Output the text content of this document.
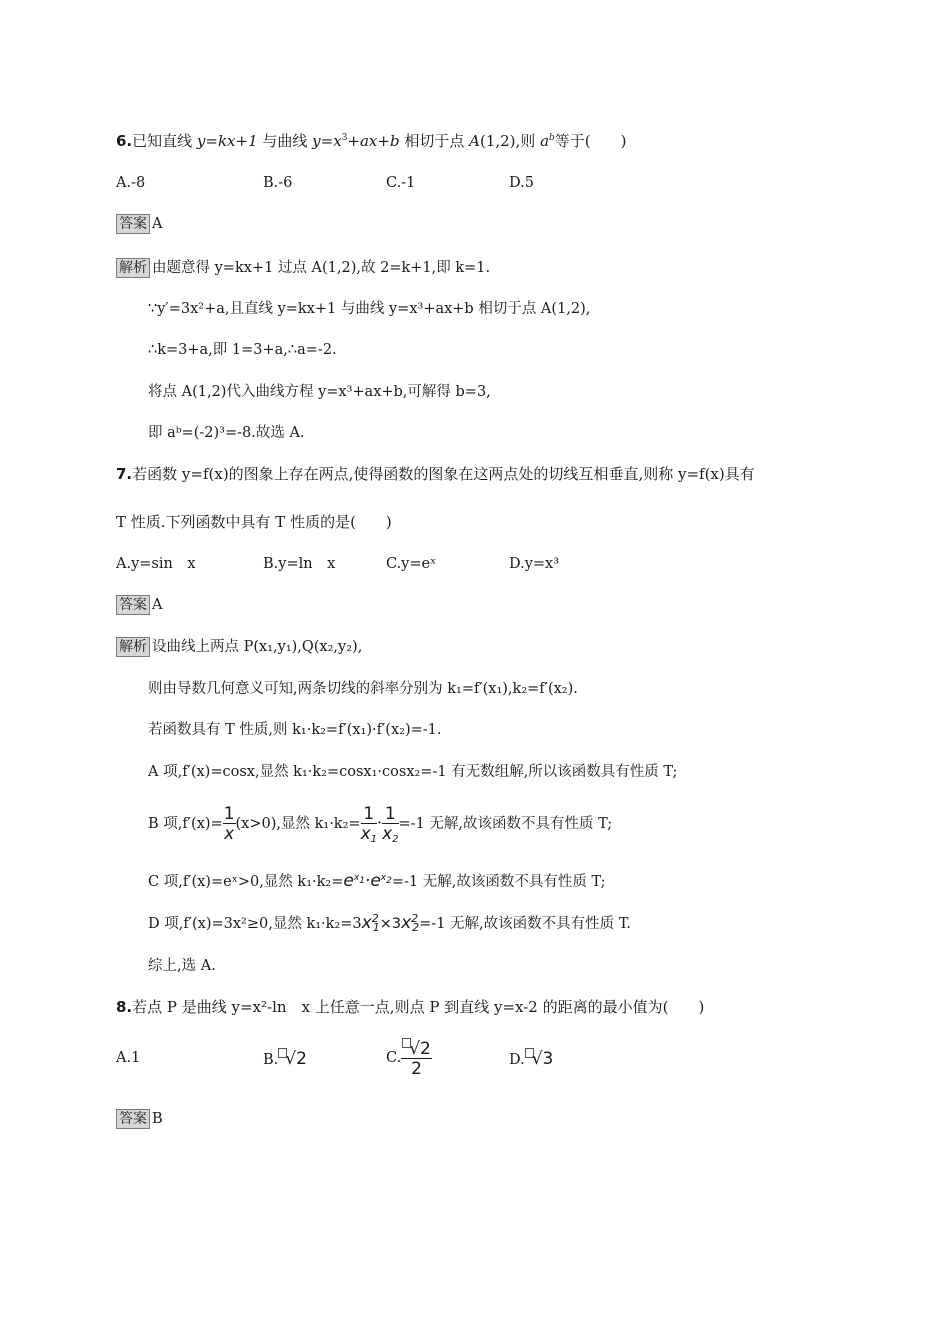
6.已知直线 y=kx+1 与曲线 $y=x^3+ax+b$ 相切于点 A(1,2),则 $a^b$等于(　　)
A.-8	B.-6	C.-1	D.5
答案 A
解析 由题意得 y=kx+1 过点 A(1,2),故 2=k+1,即 k=1.
∵y′=3x²+a,且直线 y=kx+1 与曲线 y=x³+ax+b 相切于点 A(1,2),
∴k=3+a,即 1=3+a,∴a=-2.
将点 A(1,2)代入曲线方程 y=x³+ax+b,可解得 b=3,
即 aᵇ=(-2)³=-8.故选 A.
7.若函数 y=f(x)的图象上存在两点,使得函数的图象在这两点处的切线互相垂直,则称 y=f(x)具有
T 性质.下列函数中具有 T 性质的是(　　)
A.y=sin　x	B.y=ln　x	C.y=eˣ	D.y=x³
答案 A
解析 设曲线上两点 P(x₁,y₁),Q(x₂,y₂),
则由导数几何意义可知,两条切线的斜率分别为 k₁=f′(x₁),k₂=f′(x₂).
若函数具有 T 性质,则 k₁·k₂=f′(x₁)·f′(x₂)=-1.
A 项,f′(x)=cosx,显然 k₁·k₂=cosx₁·cosx₂=-1 有无数组解,所以该函数具有性质 T;
B 项$,f'(x)= \frac{1}{x} (x>0)$,显然 $k_1\cdot k_2= \frac{1}{x_1} \cdot \frac{1}{x_2} =-1$ 无解,故该函数不具有性质 T;
C 项,f′(x)=eˣ>0,显然 $k_1\cdot k_2=e^{x_1}\cdot e^{x_2}=-1$ 无解,故该函数不具有性质 T;
D 项,f′(x)=3x²≥0,显然 $k_1\cdot k_2=3x^2_1\times 3x^2_2=-1$ 无解,故该函数不具有性质 T.
综上,选 A.
8.若点 P 是曲线 y=x²-ln　x 上任意一点,则点 P 到直线 y=x-2 的距离的最小值为(　　)
A.1	B. √2	C. $\frac{√2}{2}$	D. √3
答案 B
